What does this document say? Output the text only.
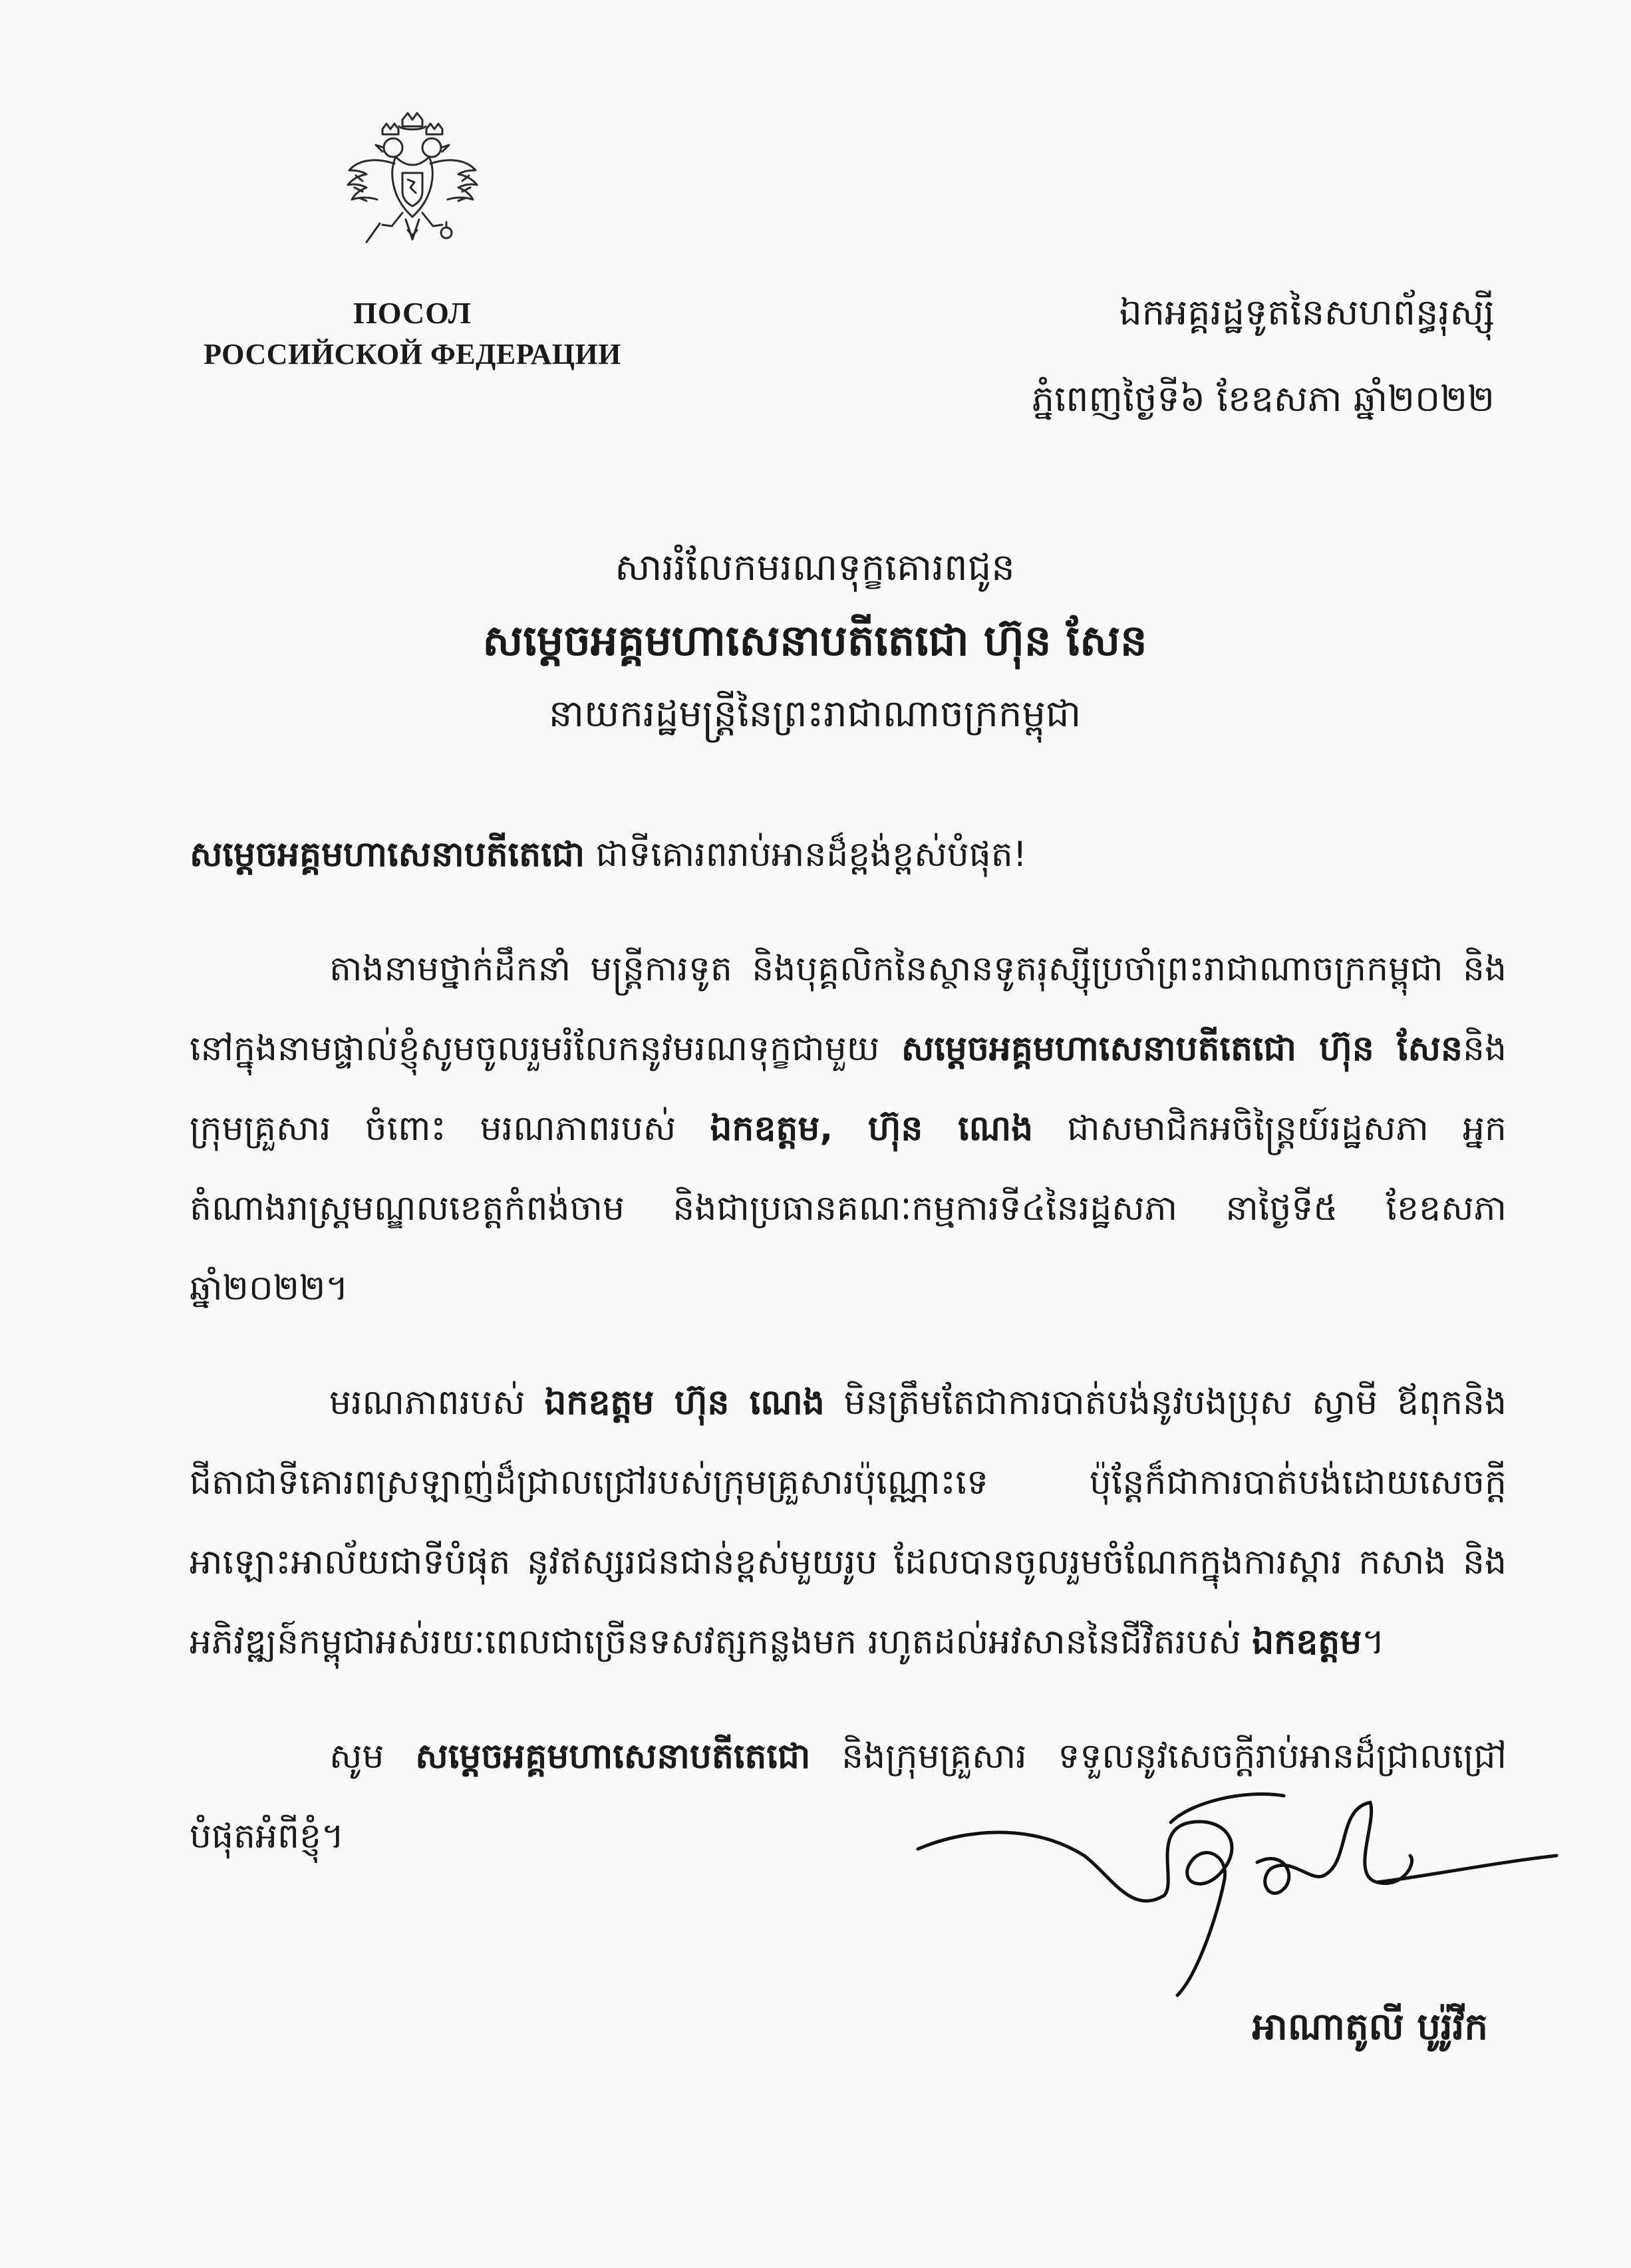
ПОСОЛ
РОССИЙСКОЙ ФЕДЕРАЦИИ
ឯកអគ្គរដ្ឋទូតនៃសហព័ន្ធរុស្ស៊ី
ភ្នំពេញថ្ងៃទី៦ ខែឧសភា ឆ្នាំ២០២២
សាររំលែកមរណទុក្ខគោរពជូន
សម្ដេចអគ្គមហាសេនាបតីតេជោ ហ៊ុន សែន
នាយករដ្ឋមន្ត្រីនៃព្រះរាជាណាចក្រកម្ពុជា
សម្ដេចអគ្គមហាសេនាបតីតេជោ ជាទីគោរពរាប់អានដ៏ខ្ពង់ខ្ពស់បំផុត!

តាងនាមថ្នាក់ដឹកនាំ មន្ត្រីការទូត និងបុគ្គលិកនៃស្ថានទូតរុស្ស៊ីប្រចាំព្រះរាជាណាចក្រកម្ពុជា និងនៅក្នុងនាមផ្ទាល់ខ្ញុំសូមចូលរួមរំលែកនូវមរណទុក្ខជាមួយ សម្ដេចអគ្គមហាសេនាបតីតេជោ ហ៊ុន សែននិងក្រុមគ្រួសារ ចំពោះ មរណភាពរបស់ ឯកឧត្តម, ហ៊ុន ណេង ជាសមាជិកអចិន្ត្រៃយ៍រដ្ឋសភា អ្នកតំណាងរាស្ត្រមណ្ឌលខេត្តកំពង់ចាម និងជាប្រធានគណៈកម្មការទី៤នៃរដ្ឋសភា នាថ្ងៃទី៥ ខែឧសភា ឆ្នាំ២០២២។

មរណភាពរបស់ ឯកឧត្តម ហ៊ុន ណេង មិនត្រឹមតែជាការបាត់បង់នូវបងប្រុស ស្វាមី ឪពុកនិងជីតាជាទីគោរពស្រឡាញ់ដ៏ជ្រាលជ្រៅរបស់ក្រុមគ្រួសារប៉ុណ្ណោះទេ ប៉ុន្តែក៏ជាការបាត់បង់ដោយសេចក្ដីអាឡោះអាល័យជាទីបំផុត នូវឥស្សរជនជាន់ខ្ពស់មួយរូប ដែលបានចូលរួមចំណែកក្នុងការស្ដារ កសាង និងអភិវឌ្ឍន៍កម្ពុជាអស់រយៈពេលជាច្រើនទសវត្សកន្លងមក រហូតដល់អវសាននៃជីវិតរបស់ ឯកឧត្តម។

សូម សម្ដេចអគ្គមហាសេនាបតីតេជោ និងក្រុមគ្រួសារ ទទួលនូវសេចក្ដីរាប់អានដ៏ជ្រាលជ្រៅបំផុតអំពីខ្ញុំ។

អាណាតូលី បូរ៉ូវីក
